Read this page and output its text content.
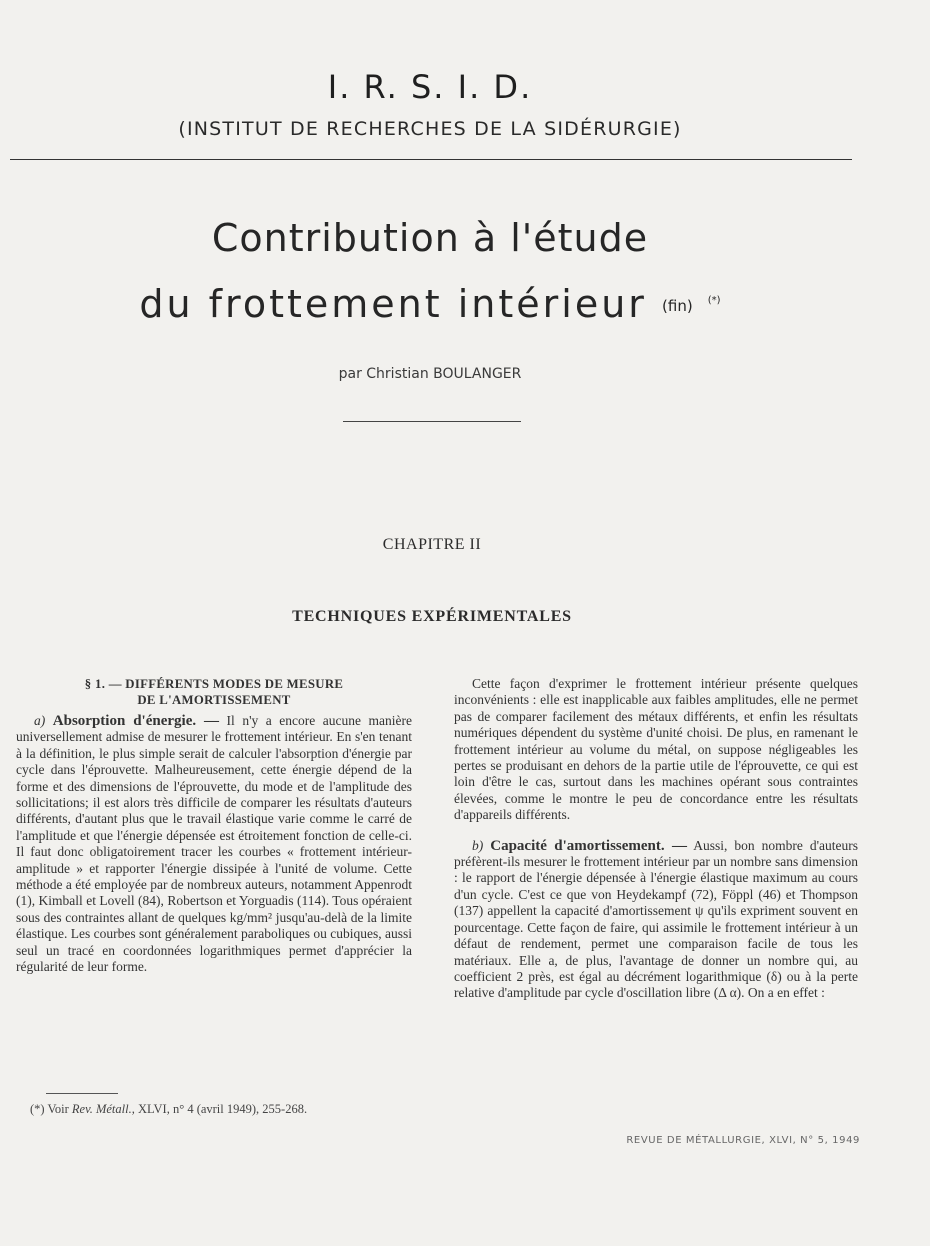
I. R. S. I. D.
(INSTITUT DE RECHERCHES DE LA SIDÉRURGIE)
Contribution à l'étude
du frottement intérieur (fin) (*)
par Christian BOULANGER
CHAPITRE II
TECHNIQUES EXPÉRIMENTALES
§ 1. — DIFFÉRENTS MODES DE MESURE
DE L'AMORTISSEMENT

a) Absorption d'énergie. — Il n'y a encore aucune manière universellement admise de mesurer le frottement intérieur. En s'en tenant à la définition, le plus simple serait de calculer l'absorption d'énergie par cycle dans l'éprouvette. Malheureusement, cette énergie dépend de la forme et des dimensions de l'éprouvette, du mode et de l'amplitude des sollicitations; il est alors très difficile de comparer les résultats d'auteurs différents, d'autant plus que le travail élastique varie comme le carré de l'amplitude et que l'énergie dépensée est étroitement fonction de celle-ci. Il faut donc obligatoirement tracer les courbes « frottement intérieur-amplitude » et rapporter l'énergie dissipée à l'unité de volume. Cette méthode a été employée par de nombreux auteurs, notamment Appenrodt (1), Kimball et Lovell (84), Robertson et Yorguadis (114). Tous opéraient sous des contraintes allant de quelques kg/mm² jusqu'au-delà de la limite élastique. Les courbes sont généralement paraboliques ou cubiques, aussi seul un tracé en coordonnées logarithmiques permet d'apprécier la régularité de leur forme.

Cette façon d'exprimer le frottement intérieur présente quelques inconvénients : elle est inapplicable aux faibles amplitudes, elle ne permet pas de comparer facilement des métaux différents, et enfin les résultats numériques dépendent du système d'unité choisi. De plus, en ramenant le frottement intérieur au volume du métal, on suppose négligeables les pertes se produisant en dehors de la partie utile de l'éprouvette, ce qui est loin d'être le cas, surtout dans les machines opérant sous contraintes élevées, comme le montre le peu de concordance entre les résultats d'appareils différents.

b) Capacité d'amortissement. — Aussi, bon nombre d'auteurs préfèrent-ils mesurer le frottement intérieur par un nombre sans dimension : le rapport de l'énergie dépensée à l'énergie élastique maximum au cours d'un cycle. C'est ce que von Heydekampf (72), Föppl (46) et Thompson (137) appellent la capacité d'amortissement ψ qu'ils expriment souvent en pourcentage. Cette façon de faire, qui assimile le frottement intérieur à un défaut de rendement, permet une comparaison facile de tous les matériaux. Elle a, de plus, l'avantage de donner un nombre qui, au coefficient 2 près, est égal au décrément logarithmique (δ) ou à la perte relative d'amplitude par cycle d'oscillation libre (Δ α). On a en effet :

(*) Voir Rev. Métall., XLVI, n° 4 (avril 1949), 255-268.
REVUE DE MÉTALLURGIE, XLVI, N° 5, 1949
